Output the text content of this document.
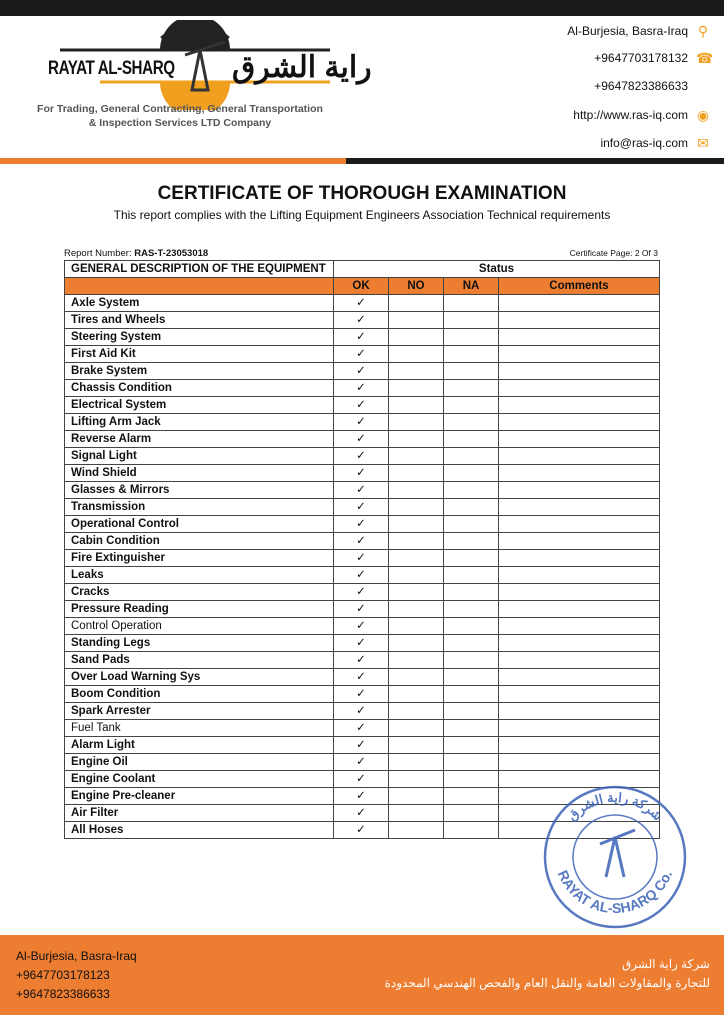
RAYAT AL-SHARQ راية الشرق
For Trading, General Contracting, General Transportation
& Inspection Services LTD Company
Al-Burjesia, Basra-Iraq ⚲
+9647703178132 ☎
+9647823386633
http://www.ras-iq.com ◉
info@ras-iq.com ✉
CERTIFICATE OF THOROUGH EXAMINATION
This report complies with the Lifting Equipment Engineers Association Technical requirements
Report Number: RAS-T-23053018	Certificate Page: 2 Of 3
GENERAL DESCRIPTION OF THE EQUIPMENT	Status			
	OK	NO	NA	Comments
Axle System	✓			
Tires and Wheels	✓			
Steering System	✓			
First Aid Kit	✓			
Brake System	✓			
Chassis Condition	✓			
Electrical System	✓			
Lifting Arm Jack	✓			
Reverse Alarm	✓			
Signal Light	✓			
Wind Shield	✓			
Glasses & Mirrors	✓			
Transmission	✓			
Operational Control	✓			
Cabin Condition	✓			
Fire Extinguisher	✓			
Leaks	✓			
Cracks	✓			
Pressure Reading	✓			
Control Operation	✓			
Standing Legs	✓			
Sand Pads	✓			
Over Load Warning Sys	✓			
Boom Condition	✓			
Spark Arrester	✓			
Fuel Tank	✓			
Alarm Light	✓			
Engine Oil	✓			
Engine Coolant	✓			
Engine Pre-cleaner	✓			
Air Filter	✓			
All Hoses	✓			
شركة راية الشرق
RAYAT AL-SHARQ Co.
Al-Burjesia, Basra-Iraq
+9647703178123
+9647823386633
شركة راية الشرق
للتجارة والمقاولات العامة والنقل العام والفحص الهندسي المحدودة
